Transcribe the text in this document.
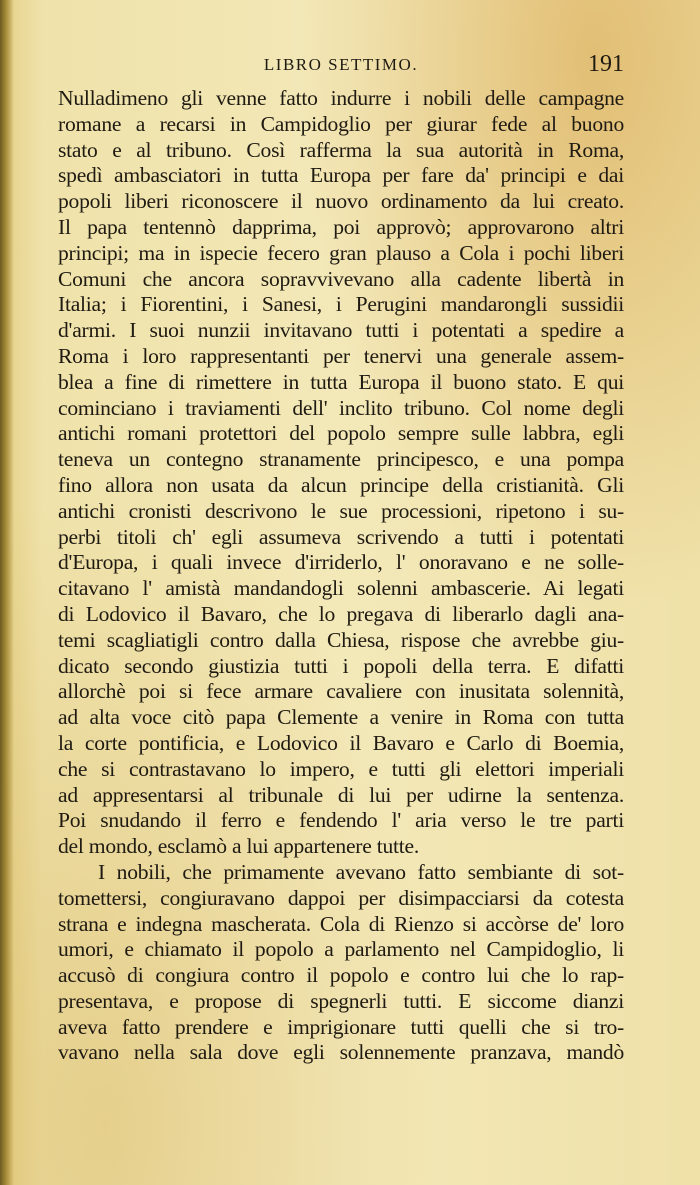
LIBRO SETTIMO.	191
Nulladimeno gli venne fatto indurre i nobili delle campagne
romane a recarsi in Campidoglio per giurar fede al buono
stato e al tribuno. Così rafferma la sua autorità in Roma,
spedì ambasciatori in tutta Europa per fare da' principi e dai
popoli liberi riconoscere il nuovo ordinamento da lui creato.
Il papa tentennò dapprima, poi approvò; approvarono altri
principi; ma in ispecie fecero gran plauso a Cola i pochi liberi
Comuni che ancora sopravvivevano alla cadente libertà in
Italia; i Fiorentini, i Sanesi, i Perugini mandarongli sussidii
d'armi. I suoi nunzii invitavano tutti i potentati a spedire a
Roma i loro rappresentanti per tenervi una generale assem-
blea a fine di rimettere in tutta Europa il buono stato. E qui
cominciano i traviamenti dell' inclito tribuno. Col nome degli
antichi romani protettori del popolo sempre sulle labbra, egli
teneva un contegno stranamente principesco, e una pompa
fino allora non usata da alcun principe della cristianità. Gli
antichi cronisti descrivono le sue processioni, ripetono i su-
perbi titoli ch' egli assumeva scrivendo a tutti i potentati
d'Europa, i quali invece d'irriderlo, l' onoravano e ne solle-
citavano l' amistà mandandogli solenni ambascerie. Ai legati
di Lodovico il Bavaro, che lo pregava di liberarlo dagli ana-
temi scagliatigli contro dalla Chiesa, rispose che avrebbe giu-
dicato secondo giustizia tutti i popoli della terra. E difatti
allorchè poi si fece armare cavaliere con inusitata solennità,
ad alta voce citò papa Clemente a venire in Roma con tutta
la corte pontificia, e Lodovico il Bavaro e Carlo di Boemia,
che si contrastavano lo impero, e tutti gli elettori imperiali
ad appresentarsi al tribunale di lui per udirne la sentenza.
Poi snudando il ferro e fendendo l' aria verso le tre parti
del mondo, esclamò a lui appartenere tutte.
I nobili, che primamente avevano fatto sembiante di sot-
tomettersi, congiuravano dappoi per disimpacciarsi da cotesta
strana e indegna mascherata. Cola di Rienzo si accòrse de' loro
umori, e chiamato il popolo a parlamento nel Campidoglio, li
accusò di congiura contro il popolo e contro lui che lo rap-
presentava, e propose di spegnerli tutti. E siccome dianzi
aveva fatto prendere e imprigionare tutti quelli che si tro-
vavano nella sala dove egli solennemente pranzava, mandò
